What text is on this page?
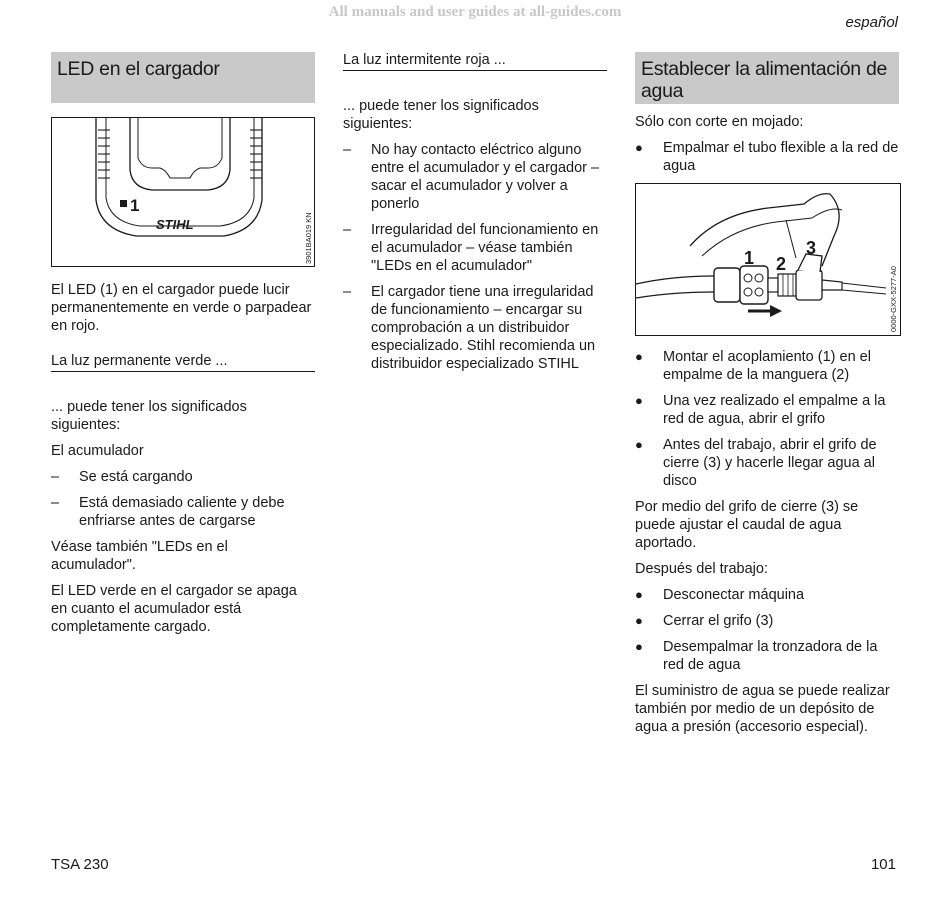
All manuals and user guides at all-guides.com
español
LED en el cargador
1
STIHL	3901BA019 KN

El LED (1) en el cargador puede lucir permanentemente en verde o parpadear en rojo.

La luz permanente verde ...

... puede tener los significados siguientes:

El acumulador

– Se está cargando
– Está demasiado caliente y debe enfriarse antes de cargarse

Véase también "LEDs en el acumulador".

El LED verde en el cargador se apaga en cuanto el acumulador está completamente cargado.

La luz intermitente roja ...

... puede tener los significados siguientes:

– No hay contacto eléctrico alguno entre el acumulador y el cargador – sacar el acumulador y volver a ponerlo
– Irregularidad del funcionamiento en el acumulador – véase también "LEDs en el acumulador"
– El cargador tiene una irregularidad de funcionamiento – encargar su comprobación a un distribuidor especializado. Stihl recomienda un distribuidor especializado STIHL
Establecer la alimentación de agua

Sólo con corte en mojado:

● Empalmar el tubo flexible a la red de agua
1 2
3
0000-GXX-5277-A0
● Montar el acoplamiento (1) en el empalme de la manguera (2)
● Una vez realizado el empalme a la red de agua, abrir el grifo
● Antes del trabajo, abrir el grifo de cierre (3) y hacerle llegar agua al disco

Por medio del grifo de cierre (3) se puede ajustar el caudal de agua aportado.

Después del trabajo:

● Desconectar máquina
● Cerrar el grifo (3)
● Desempalmar la tronzadora de la red de agua

El suministro de agua se puede realizar también por medio de un depósito de agua a presión (accesorio especial).

TSA 230	101
